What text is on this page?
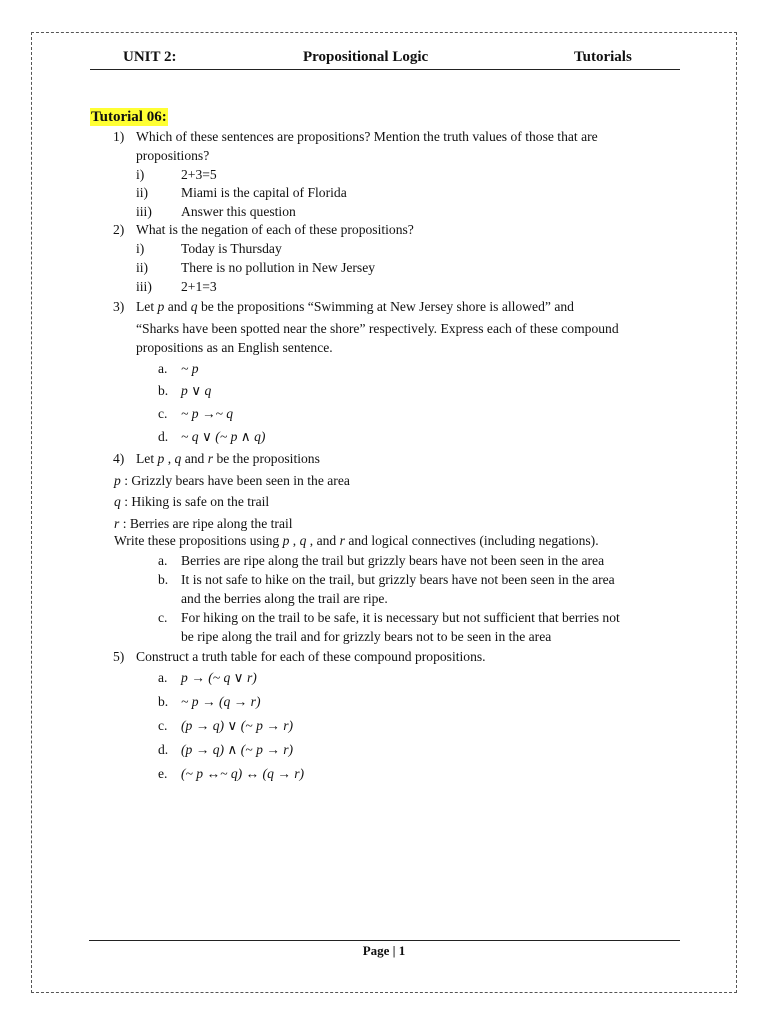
UNIT 2:	Propositional Logic	Tutorials
Tutorial 06:
1) Which of these sentences are propositions? Mention the truth values of those that are
propositions?
i)	2+3=5
ii) Miami is the capital of Florida
iii) Answer this question
2) What is the negation of each of these propositions?
i)	Today is Thursday
ii) There is no pollution in New Jersey
iii) 2+1=3
3) Let p and q be the propositions “Swimming at New Jersey shore is allowed” and
“Sharks have been spotted near the shore” respectively. Express each of these compound
propositions as an English sentence.
a. ~ p
b. p ∨ q
c. ~ p →~ q
d. ~ q ∨ (~ p ∧ q)
4) Let p , q and r be the propositions
p : Grizzly bears have been seen in the area
q : Hiking is safe on the trail
r : Berries are ripe along the trail
Write these propositions using p , q , and r and logical connectives (including negations).
a. Berries are ripe along the trail but grizzly bears have not been seen in the area
b. It is not safe to hike on the trail, but grizzly bears have not been seen in the area
and the berries along the trail are ripe.
c. For hiking on the trail to be safe, it is necessary but not sufficient that berries not
be ripe along the trail and for grizzly bears not to be seen in the area
5) Construct a truth table for each of these compound propositions.
a. p → (~ q ∨ r)
b. ~ p → (q → r)
c. (p → q) ∨ (~ p → r)
d. (p → q) ∧ (~ p → r)
e. (~ p ↔~ q) ↔ (q → r)
Page | 1
